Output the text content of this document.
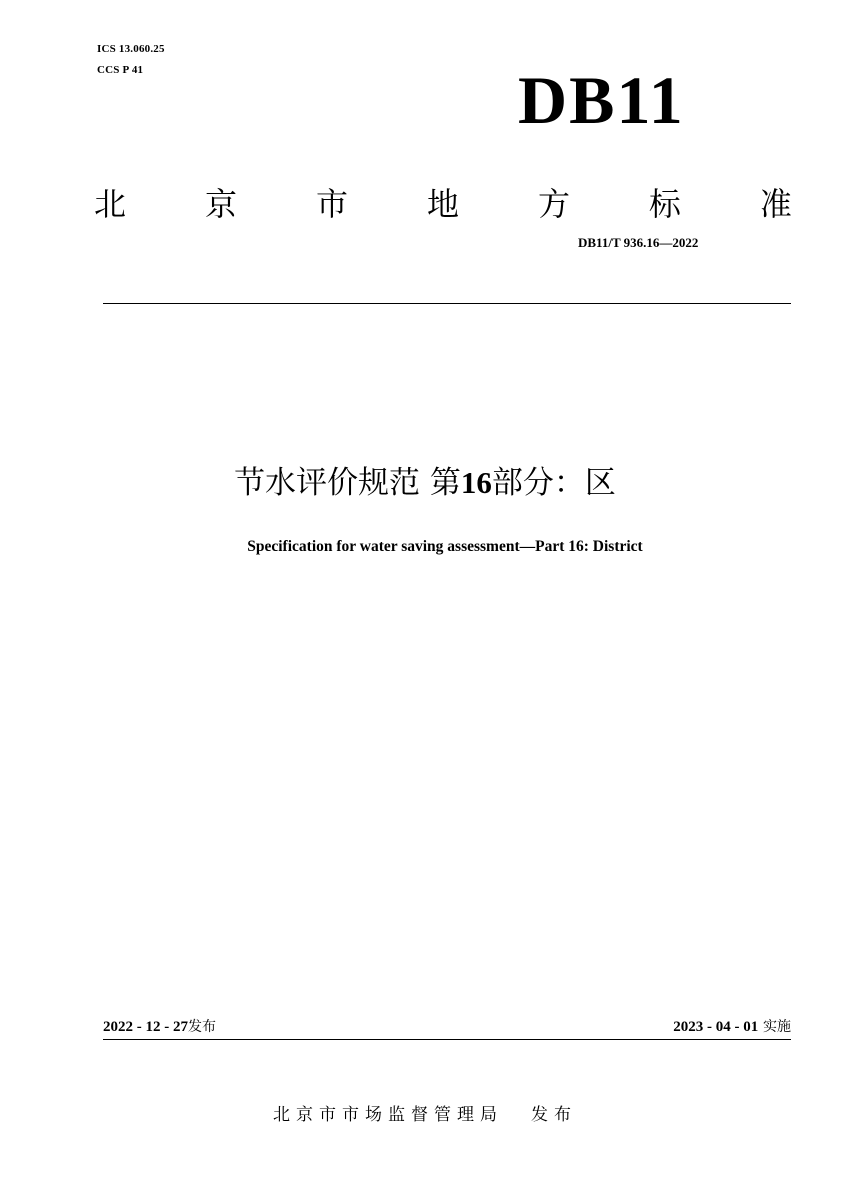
ICS 13.060.25
CCS P 41	DB11
北 京 市 地 方 标 准
DB11/T 936.16—2022
节水评价规范 第16部分：区
Specification for water saving assessment—Part 16: District
2022 - 12 - 27发布	2023 - 04 - 01 实施
北京市市场监督管理局 发布
